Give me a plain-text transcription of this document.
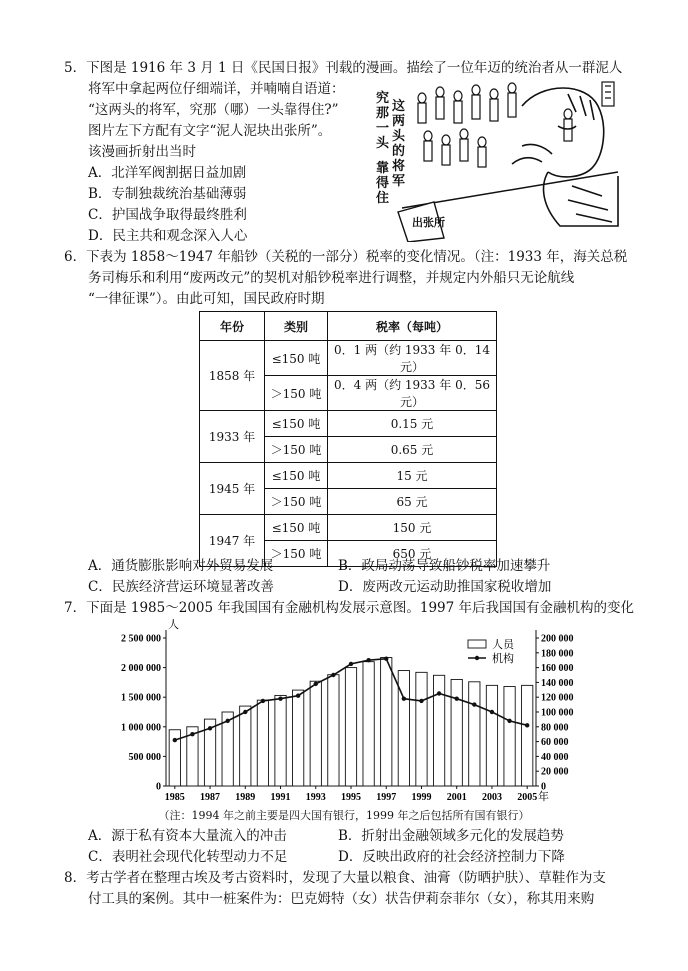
5．下图是 1916 年 3 月 1 日《民国日报》刊载的漫画。描绘了一位年迈的统治者从一群泥人
将军中拿起两位仔细端详，并喃喃自语道：
“这两头的将军，究那（哪）一头靠得住?”
图片左下方配有文字“泥人泥块出张所”。
该漫画折射出当时
A．北洋军阀割据日益加剧
B．专制独裁统治基础薄弱
C．护国战争取得最终胜利
D．民主共和观念深入人心
究
那
一
头
这
两
头
的
将
军
靠
得
住
出张所
6．下表为 1858～1947 年船钞（关税的一部分）税率的变化情况。（注：1933 年，海关总税
务司梅乐和利用“废两改元”的契机对船钞税率进行调整，并规定内外船只无论航线
“一律征课”）。由此可知，国民政府时期
年份	类别	税率（每吨）
1858 年	≤150 吨	0．1 两（约 1933 年 0．14 元）
	＞150 吨	0．4 两（约 1933 年 0．56 元）
1933 年	≤150 吨	0.15 元
	＞150 吨	0.65 元
1945 年	≤150 吨	15 元
	＞150 吨	65 元
1947 年	≤150 吨	150 元
	＞150 吨	650 元
A．通货膨胀影响对外贸易发展	B．政局动荡导致船钞税率加速攀升
C．民族经济营运环境显著改善	D．废两改元运动助推国家税收增加
7．下面是 1985～2005 年我国国有金融机构发展示意图。1997 年后我国国有金融机构的变化
0
500 000
1 000 000
1 500 000
2 000 000
2 500 000
0
20 000
40 000
60 000
80 000
100 000
120 000
140 000
160 000
180 000
200 000
人
1985 1987 1989 1991 1993 1995 1997 1999 2001 2003 2005 年
人员
机构
（注：1994 年之前主要是四大国有银行，1999 年之后包括所有国有银行）
A．源于私有资本大量流入的冲击	B．折射出金融领域多元化的发展趋势
C．表明社会现代化转型动力不足	D．反映出政府的社会经济控制力下降
8．考古学者在整理古埃及考古资料时，发现了大量以粮食、油膏（防晒护肤）、草鞋作为支
付工具的案例。其中一桩案件为：巴克姆特（女）状告伊莉奈菲尔（女），称其用来购
